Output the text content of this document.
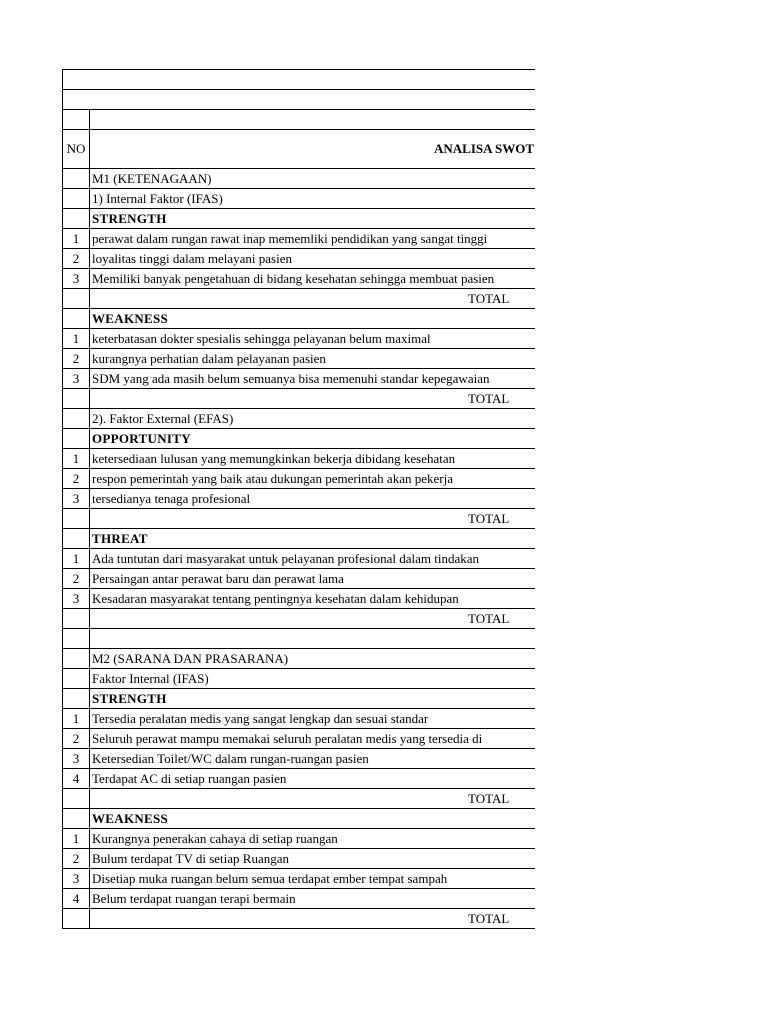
NO	ANALISA SWOT
	M1 (KETENAGAAN)
	1) Internal Faktor (IFAS)
	STRENGTH
1	perawat dalam rungan rawat inap mememliki pendidikan yang sangat tinggi
2	loyalitas tinggi dalam melayani pasien
3	Memiliki banyak pengetahuan di bidang kesehatan sehingga membuat pasien
	TOTAL
	WEAKNESS
1	keterbatasan dokter spesialis sehingga pelayanan belum maximal
2	kurangnya perhatian dalam pelayanan pasien
3	SDM yang ada masih belum semuanya bisa memenuhi standar kepegawaian
	TOTAL
	2). Faktor External (EFAS)
	OPPORTUNITY
1	ketersediaan lulusan yang memungkinkan bekerja dibidang kesehatan
2	respon pemerintah yang baik atau dukungan pemerintah akan pekerja
3	tersedianya tenaga profesional
	TOTAL
	THREAT
1	Ada tuntutan dari masyarakat untuk pelayanan profesional dalam tindakan
2	Persaingan antar perawat baru dan perawat lama
3	Kesadaran masyarakat tentang pentingnya kesehatan dalam kehidupan
	TOTAL

	M2 (SARANA DAN PRASARANA)
	Faktor Internal (IFAS)
	STRENGTH
1	Tersedia peralatan medis yang sangat lengkap dan sesuai standar
2	Seluruh perawat mampu memakai seluruh peralatan medis yang tersedia di
3	Ketersedian Toilet/WC dalam rungan-ruangan pasien
4	Terdapat AC di setiap ruangan pasien
	TOTAL
	WEAKNESS
1	Kurangnya penerakan cahaya di setiap ruangan
2	Bulum terdapat TV di setiap Ruangan
3	Disetiap muka ruangan belum semua terdapat ember tempat sampah
4	Belum terdapat ruangan terapi bermain
	TOTAL
